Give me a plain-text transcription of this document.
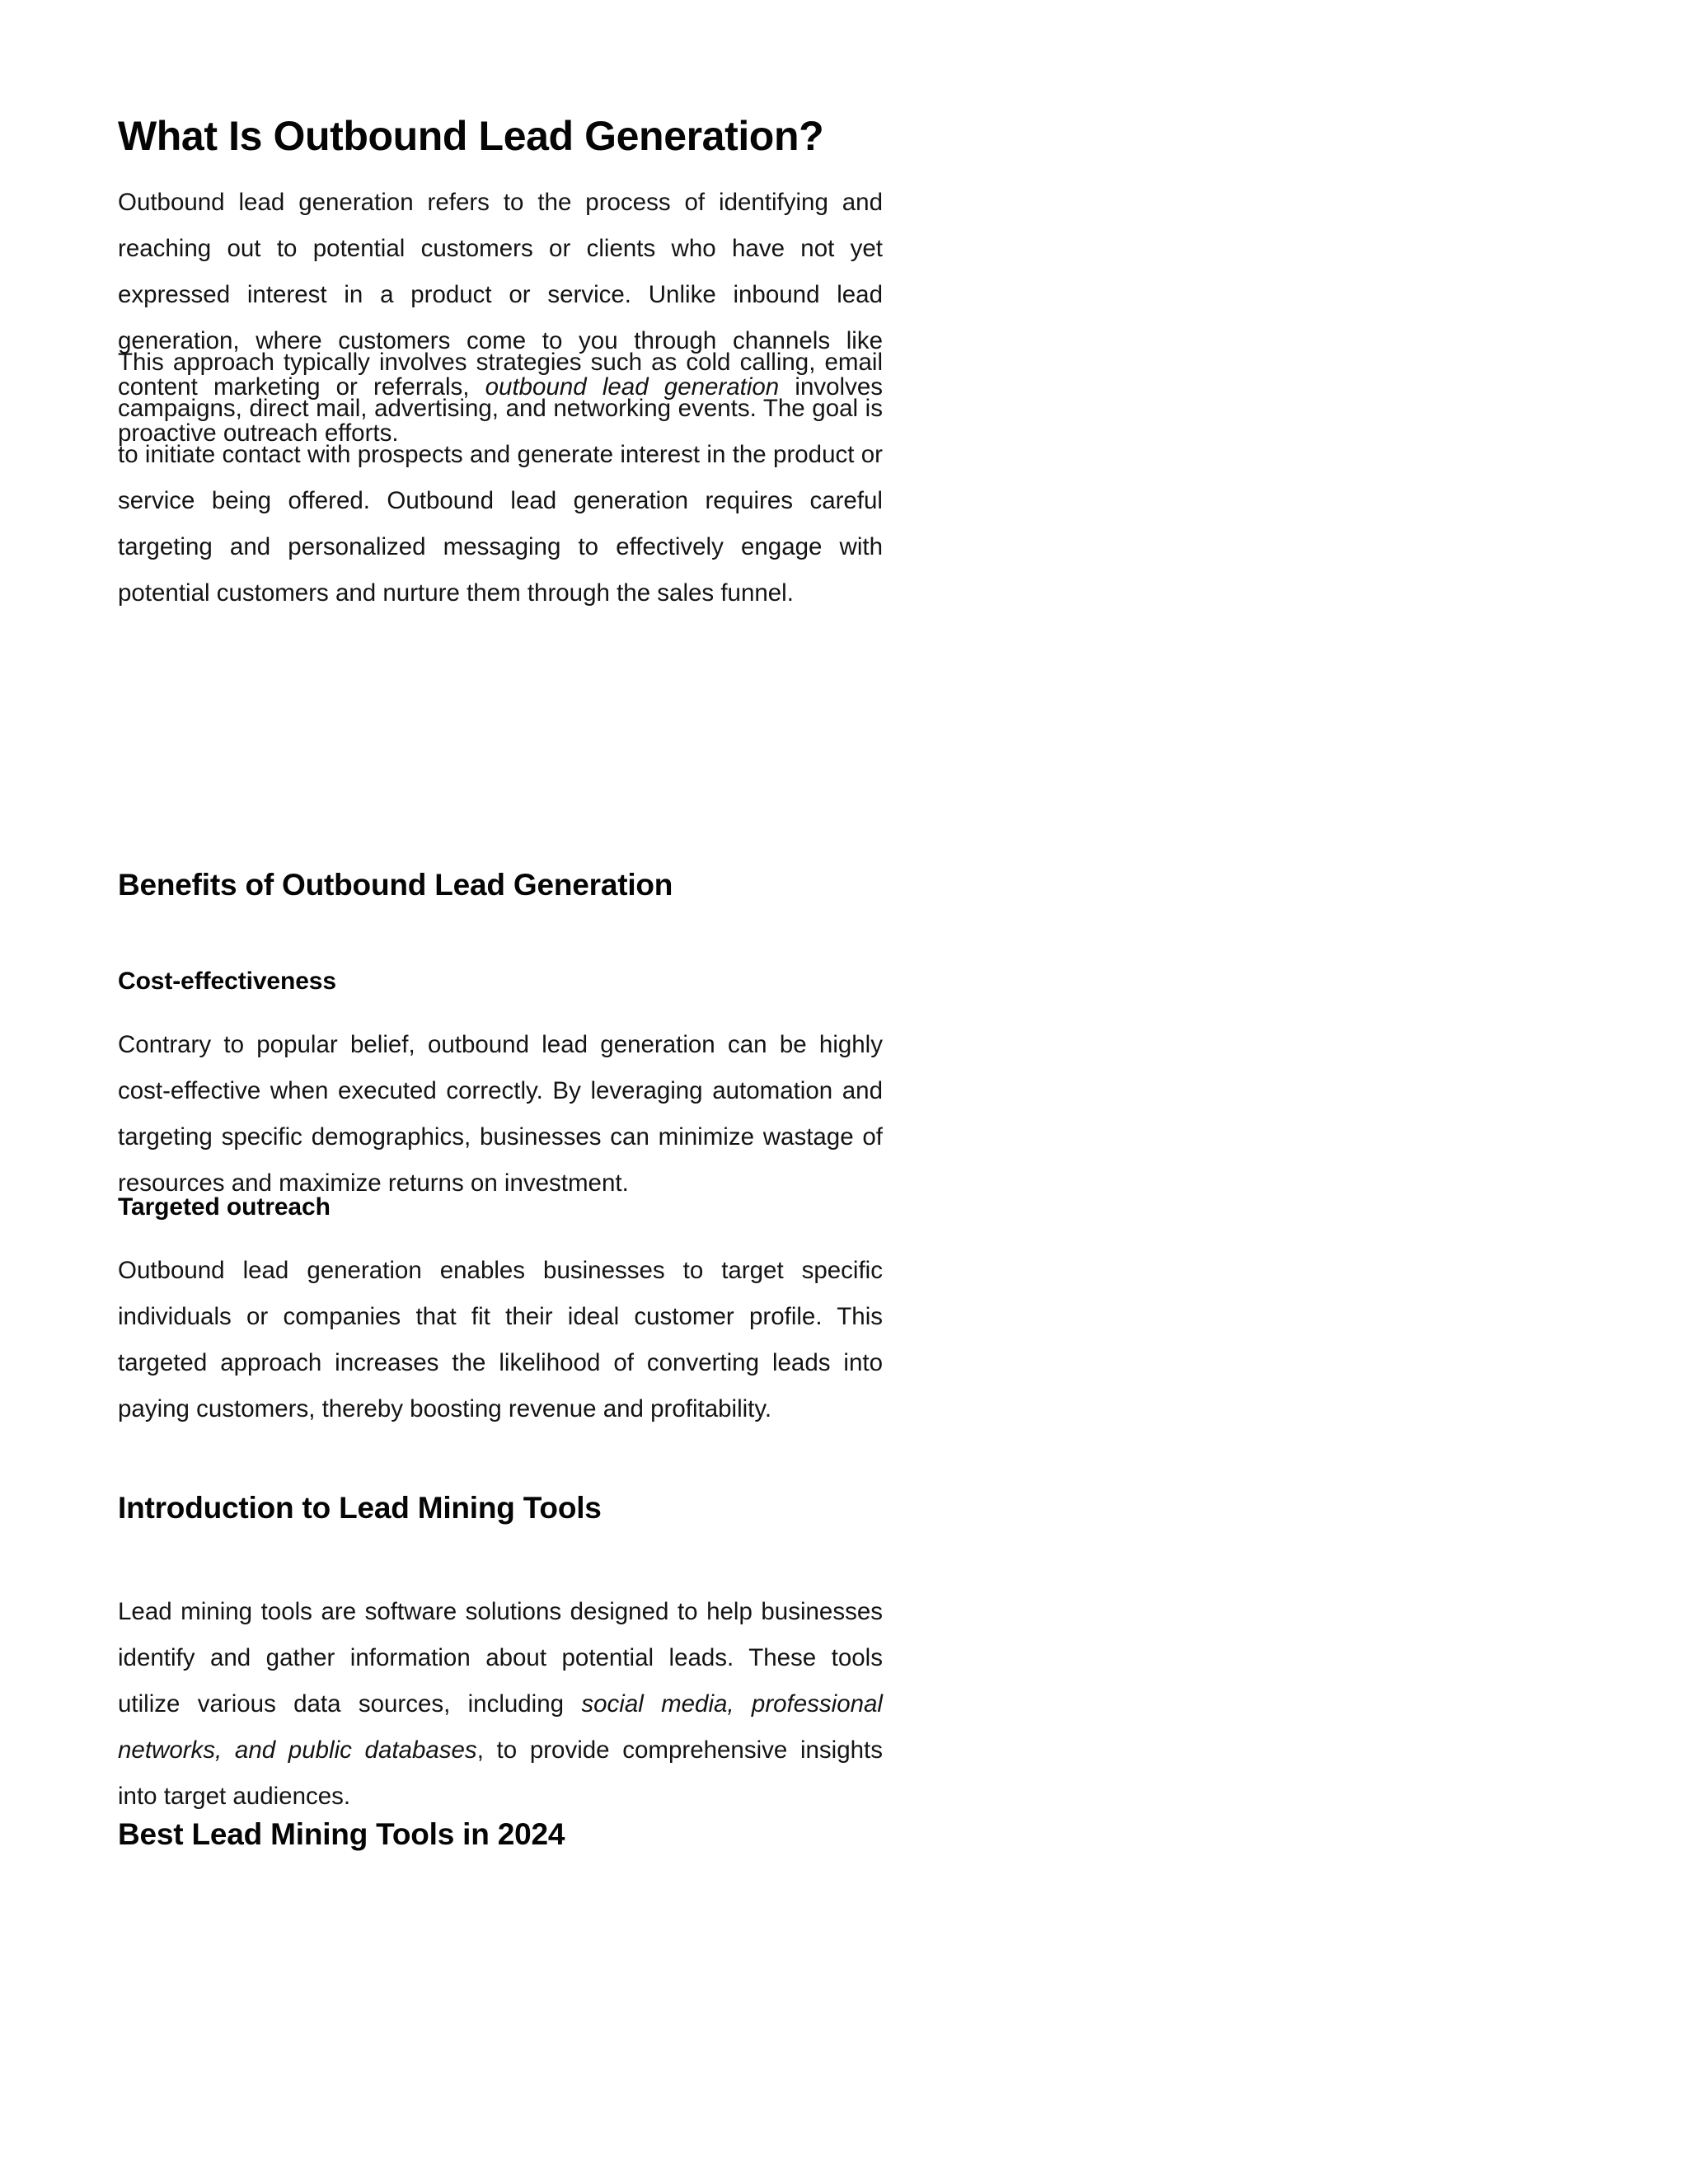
What Is Outbound Lead Generation?

Outbound lead generation refers to the process of identifying and reaching out to potential customers or clients who have not yet expressed interest in a product or service. Unlike inbound lead generation, where customers come to you through channels like content marketing or referrals, outbound lead generation involves proactive outreach efforts.

This approach typically involves strategies such as cold calling, email campaigns, direct mail, advertising, and networking events. The goal is to initiate contact with prospects and generate interest in the product or service being offered. Outbound lead generation requires careful targeting and personalized messaging to effectively engage with potential customers and nurture them through the sales funnel.

Benefits of Outbound Lead Generation
Cost-effectiveness

Contrary to popular belief, outbound lead generation can be highly cost-effective when executed correctly. By leveraging automation and targeting specific demographics, businesses can minimize wastage of resources and maximize returns on investment.

Targeted outreach

Outbound lead generation enables businesses to target specific individuals or companies that fit their ideal customer profile. This targeted approach increases the likelihood of converting leads into paying customers, thereby boosting revenue and profitability.

Introduction to Lead Mining Tools

Lead mining tools are software solutions designed to help businesses identify and gather information about potential leads. These tools utilize various data sources, including social media, professional networks, and public databases, to provide comprehensive insights into target audiences.

Best Lead Mining Tools in 2024
